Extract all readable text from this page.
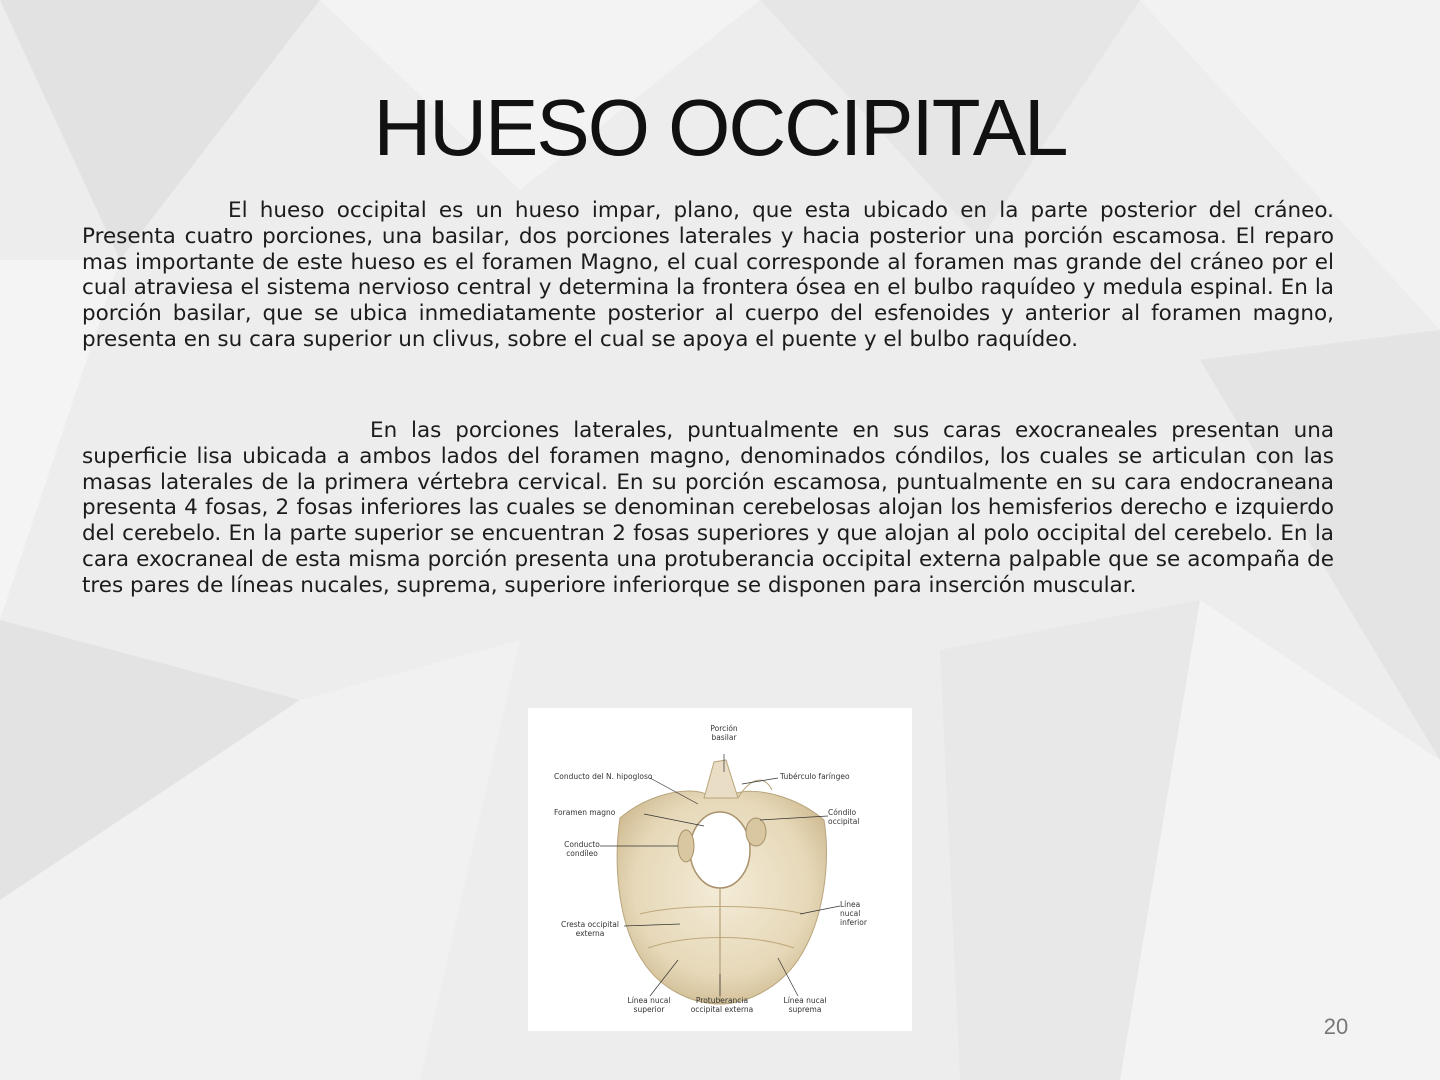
HUESO OCCIPITAL

El hueso occipital es un hueso impar, plano, que esta ubicado en la parte posterior del cráneo. Presenta cuatro porciones, una basilar, dos porciones laterales y hacia posterior una porción escamosa. El reparo mas importante de este hueso es el foramen Magno, el cual corresponde al foramen mas grande del cráneo por el cual atraviesa el sistema nervioso central y determina la frontera ósea en el bulbo raquídeo y medula espinal. En la porción basilar, que se ubica inmediatamente posterior al cuerpo del esfenoides y anterior al foramen magno, presenta en su cara superior un clivus, sobre el cual se apoya el puente y el bulbo raquídeo.

En las porciones laterales, puntualmente en sus caras exocraneales presentan una superficie lisa ubicada a ambos lados del foramen magno, denominados cóndilos, los cuales se articulan con las masas laterales de la primera vértebra cervical. En su porción escamosa, puntualmente en su cara endocraneana presenta 4 fosas, 2 fosas inferiores las cuales se denominan cerebelosas alojan los hemisferios derecho e izquierdo del cerebelo. En la parte superior se encuentran 2 fosas superiores y que alojan al polo occipital del cerebelo. En la cara exocraneal de esta misma porción presenta una protuberancia occipital externa palpable que se acompaña de tres pares de líneas nucales, suprema, superiore inferiorque se disponen para inserción muscular.

Porción
basilar
Conducto del N. hipogloso	Tubérculo faríngeo
Foramen magno	Cóndilo
occipital
Conducto
condíleo
Línea
nucal
inferior
Cresta occipital
externa
Línea nucal
superior
Protuberancia
occipital externa
Línea nucal
suprema
20
